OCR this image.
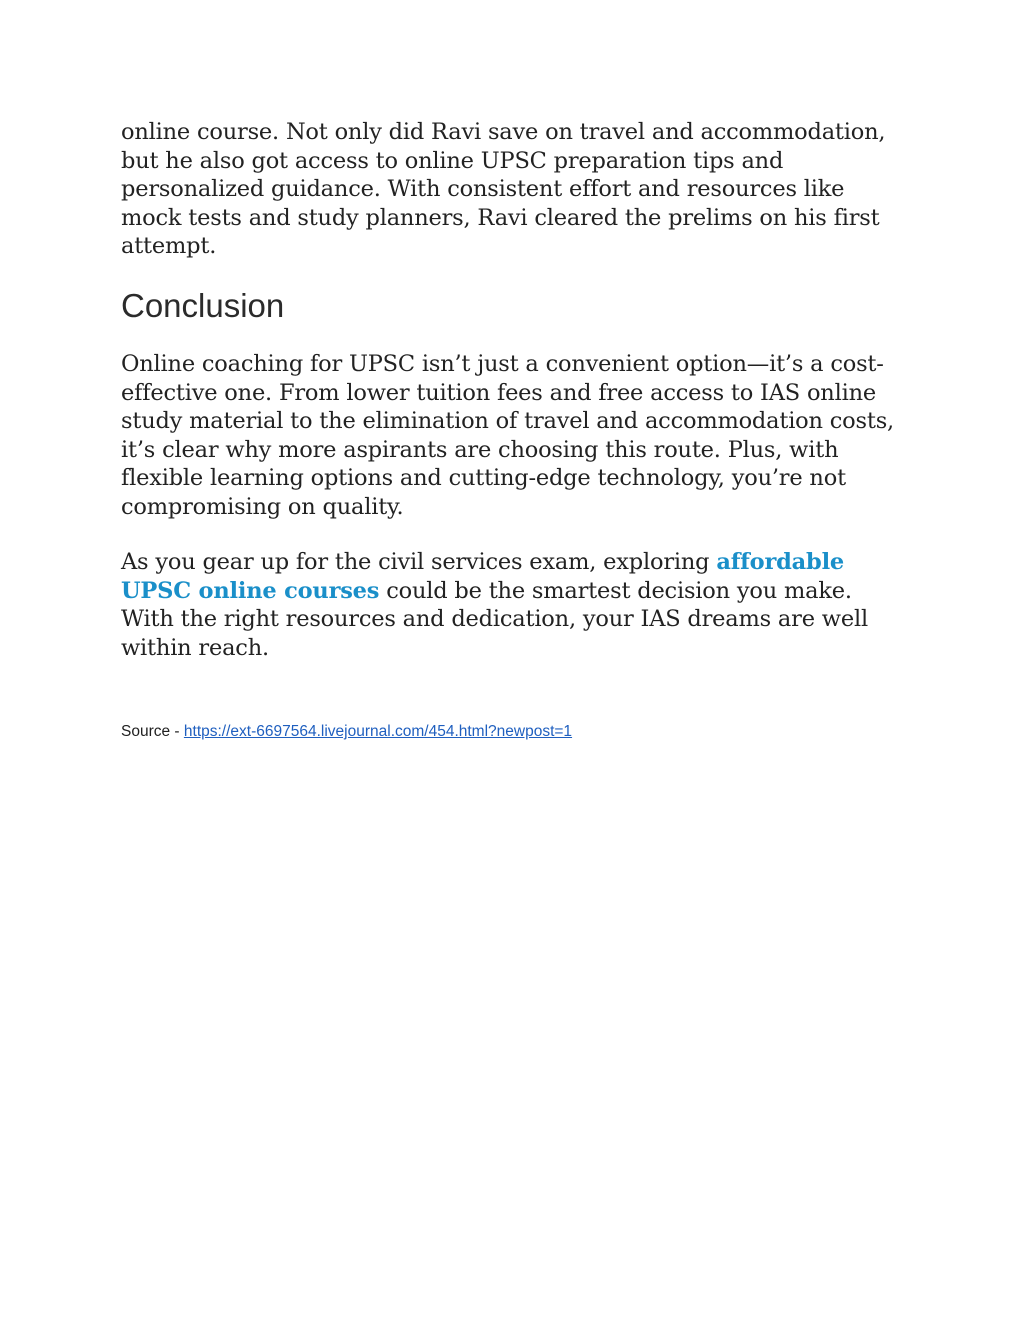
online course. Not only did Ravi save on travel and accommodation, but he also got access to online UPSC preparation tips and personalized guidance. With consistent effort and resources like mock tests and study planners, Ravi cleared the prelims on his first attempt.

Conclusion

Online coaching for UPSC isn’t just a convenient option—it’s a cost-effective one. From lower tuition fees and free access to IAS online study material to the elimination of travel and accommodation costs, it’s clear why more aspirants are choosing this route. Plus, with flexible learning options and cutting-edge technology, you’re not compromising on quality.

As you gear up for the civil services exam, exploring affordable UPSC online courses could be the smartest decision you make. With the right resources and dedication, your IAS dreams are well within reach.

Source - https://ext-6697564.livejournal.com/454.html?newpost=1
